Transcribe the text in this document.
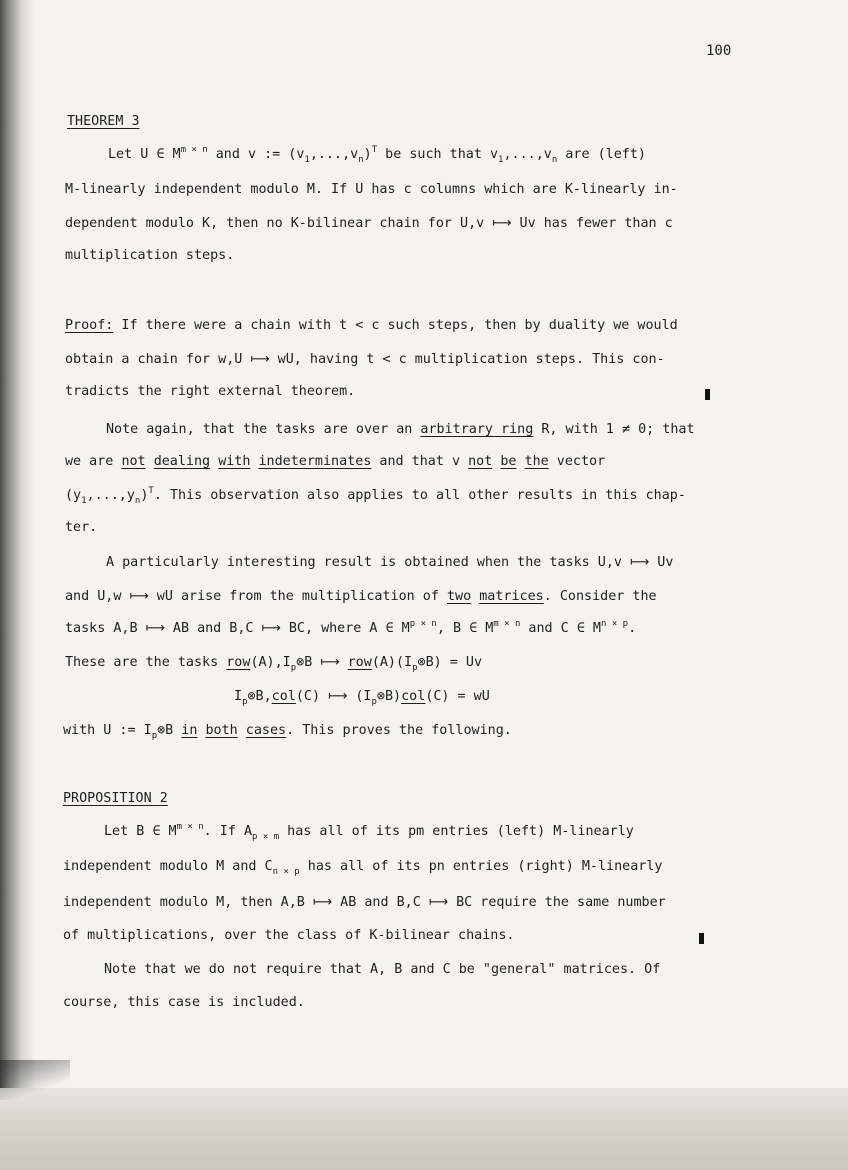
100
THEOREM 3
Let U ∈ $M^{m \times n}$ and v := $(v_1,...,v_n)^T$ be such that $v_1,...,v_n$ are (left)
M-linearly independent modulo M. If U has c columns which are K-linearly in-
dependent modulo K, then no K-bilinear chain for U,v ⟼ Uv has fewer than c
multiplication steps.
Proof: If there were a chain with t < c such steps, then by duality we would
obtain a chain for w,U ⟼ wU, having t < c multiplication steps. This con-
tradicts the right external theorem.
Note again, that the tasks are over an arbitrary ring R, with 1 ≠ 0; that
we are not dealing with indeterminates and that v not be the vector
$(y_1,...,y_n)^T$. This observation also applies to all other results in this chap-
ter.
A particularly interesting result is obtained when the tasks U,v ⟼ Uv
and U,w ⟼ wU arise from the multiplication of two matrices. Consider the
tasks A,B ⟼ AB and B,C ⟼ BC, where A ∈ $M^{p \times n}$, B ∈ $M^{m \times n}$ and C ∈ $M^{n \times p}$.
These are the tasks $row(A),I_p\otimes B$ ⟼ $row(A)(I_p\otimes B) = Uv$
$I_p\otimes B,col(C)$ ⟼ $(I_p\otimes B)col(C)$ = wU
with U := $I_p\otimes B$ in both cases. This proves the following.
PROPOSITION 2
Let B ∈ $M^{m \times n}$. If $A_{p \times m}$ has all of its pm entries (left) M-linearly
independent modulo M and $C_{n \times p}$ has all of its pn entries (right) M-linearly
independent modulo M, then A,B ⟼ AB and B,C ⟼ BC require the same number
of multiplications, over the class of K-bilinear chains.
Note that we do not require that A, B and C be "general" matrices. Of
course, this case is included.
